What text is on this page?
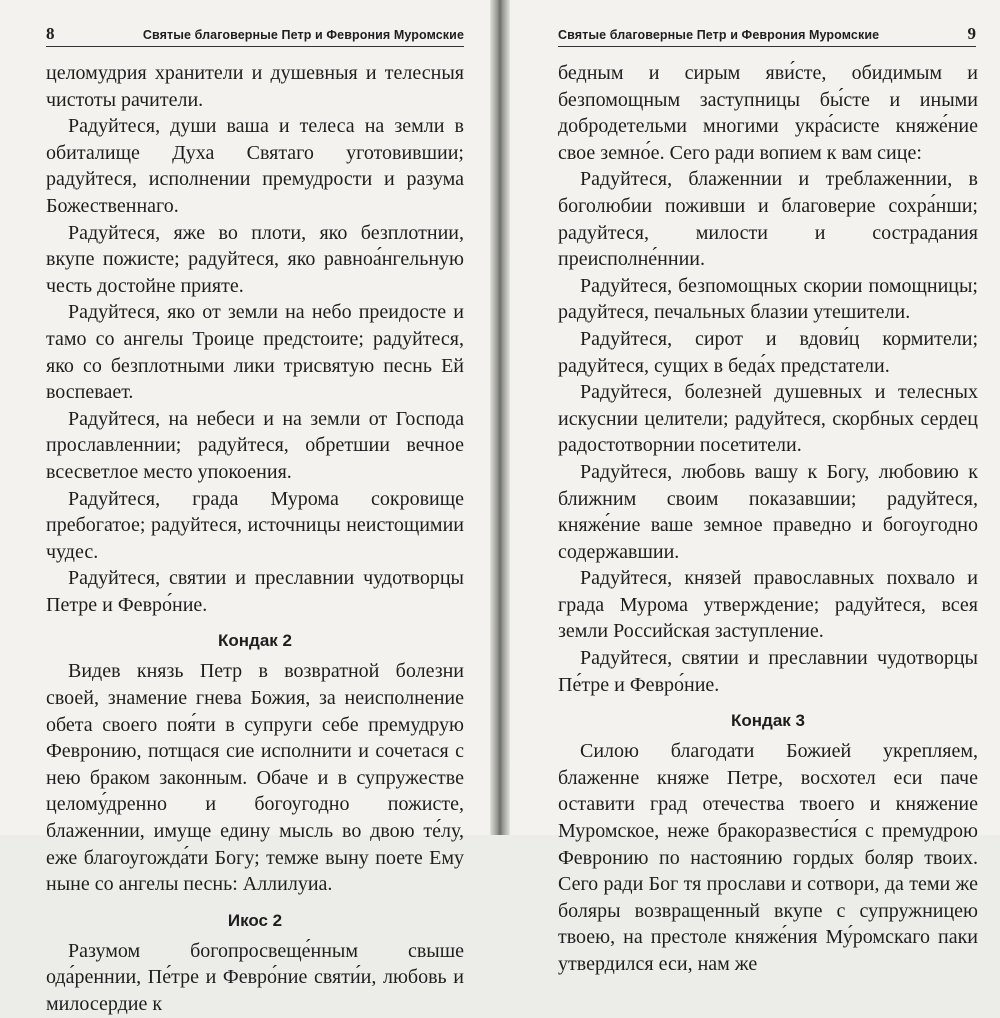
8	Святые благоверные Петр и Феврония Муромские

целомудрия хранители и душевныя и телесныя чистоты рачители.

Радуйтеся, души ваша и телеса на земли в обиталище Духа Святаго уготовившии; радуйтеся, исполнении премудрости и разума Божественнаго.

Радуйтеся, яже во плоти, яко безплотнии, вкупе пожисте; радуйтеся, яко равноа́нгельную честь достойне прияте.

Радуйтеся, яко от земли на небо преидосте и тамо со ангелы Троице предстоите; радуйтеся, яко со безплотными лики трисвятую песнь Ей воспевает.

Радуйтеся, на небеси и на земли от Господа прославленнии; радуйтеся, обретшии вечное всесветлое место упокоения.

Радуйтеся, града Мурома сокровище пребогатое; радуйтеся, источницы неистощимии чудес.

Радуйтеся, святии и преславнии чудотворцы Петре и Февро́ние.

Кондак 2

Видев князь Петр в возвратной болезни своей, знамение гнева Божия, за неисполнение обета своего поя́ти в супруги себе премудрую Февронию, потщася сие исполнити и сочетася с нею браком законным. Обаче и в супружестве целому́дренно и богоугодно пожисте, блаженнии, имуще едину мысль во двою те́лу, еже благоугожда́ти Богу; темже выну поете Ему ныне со ангелы песнь: Аллилуиа.

Икос 2

Разумом богопросвеще́нным свыше ода́реннии, Пе́тре и Февро́ние святи́и, любовь и милосердие к

Святые благоверные Петр и Феврония Муромские	9

бедным и сирым яви́сте, обидимым и безпомощным заступницы бы́сте и иными добродетельми многими укра́систе княже́ние свое земно́е. Сего ради вопием к вам сице:

Радуйтеся, блаженнии и треблаженнии, в боголюбии поживши и благоверие сохра́нши; радуйтеся, милости и сострадания преисполне́ннии.

Радуйтеся, безпомощных скории помощницы; радуйтеся, печальных блазии утешители.

Радуйтеся, сирот и вдови́ц кормители; радуйтеся, сущих в беда́х предстатели.

Радуйтеся, болезней душевных и телесных искуснии целители; радуйтеся, скорбных сердец радостотворнии посетители.

Радуйтеся, любовь вашу к Богу, любовию к ближним своим показавшии; радуйтеся, княже́ние ваше земное праведно и богоугодно содержавшии.

Радуйтеся, князей православных похвало и града Мурома утверждение; радуйтеся, всея земли Российская заступление.

Радуйтеся, святии и преславнии чудотворцы Пе́тре и Февро́ние.

Кондак 3

Силою благодати Божией укрепляем, блаженне княже Петре, восхотел еси паче оставити град отечества твоего и княжение Муромское, неже бракоразвести́ся с премудрою Февронию по настоянию гордых боляр твоих. Сего ради Бог тя прослави и сотвори, да теми же боляры возвращенный вкупе с супружницею твоею, на престоле княже́ния Му́ромскаго паки утвердился еси, нам же
